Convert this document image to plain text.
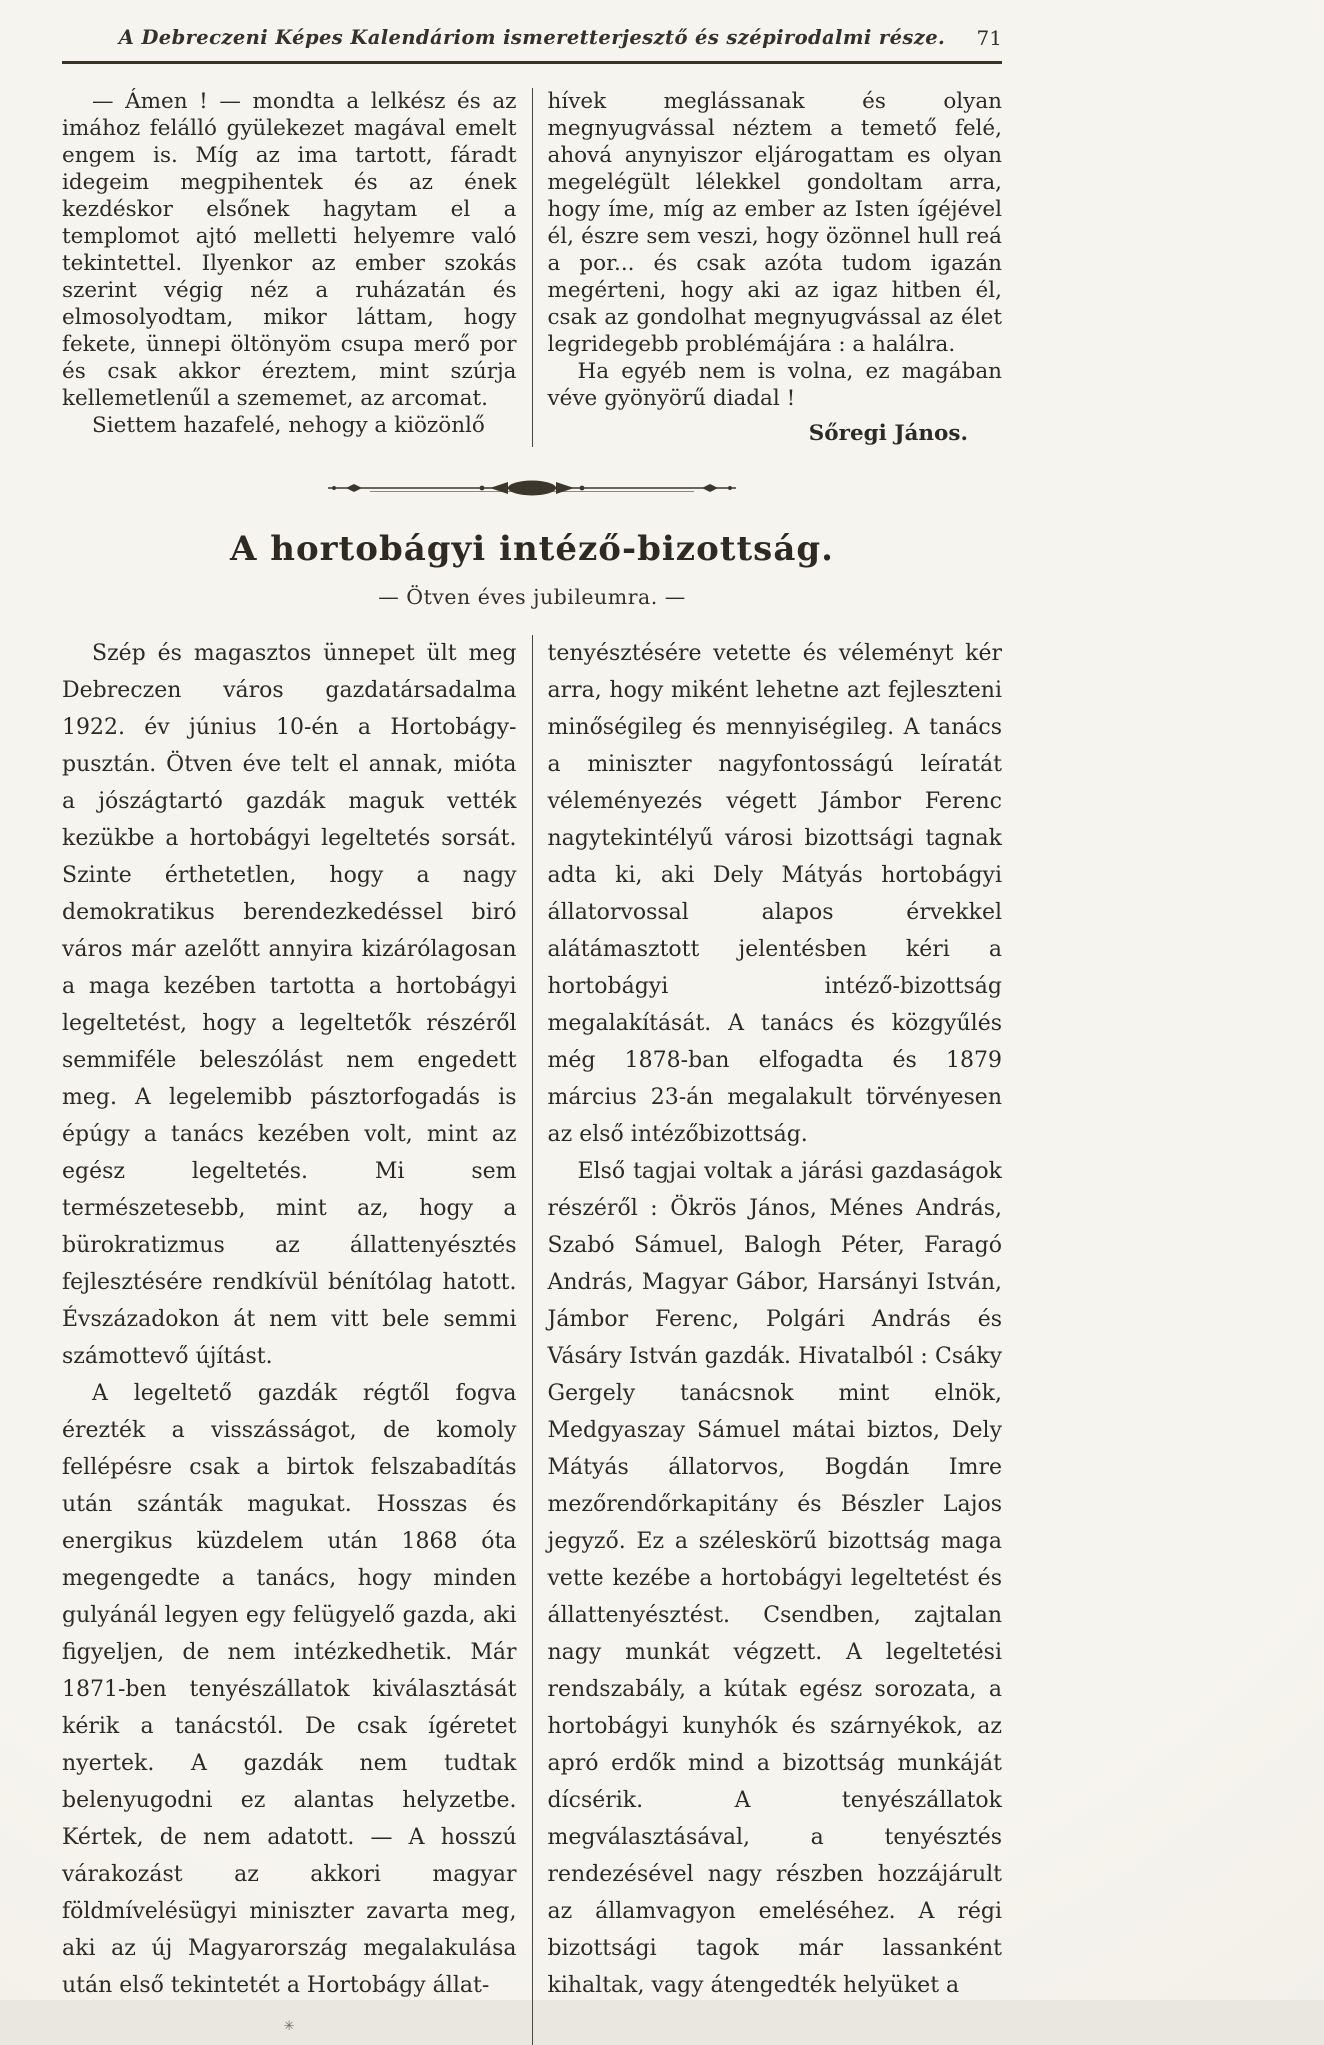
A Debreczeni Képes Kalendáriom ismeretterjesztő és szépirodalmi része.	71

— Ámen ! — mondta a lelkész és az imához felálló gyülekezet magával emelt engem is. Míg az ima tartott, fáradt idegeim megpihentek és az ének kezdéskor elsőnek hagytam el a templomot ajtó melletti helyemre való tekintettel. Ilyenkor az ember szokás szerint végig néz a ruházatán és elmosolyodtam, mikor láttam, hogy fekete, ünnepi öltönyöm csupa merő por és csak akkor éreztem, mint szúrja kellemetlenűl a szememet, az arcomat.

Siettem hazafelé, nehogy a kiözönlő

hívek meglássanak és olyan megnyugvással néztem a temető felé, ahová anynyiszor eljárogattam es olyan megelégült lélekkel gondoltam arra, hogy íme, míg az ember az Isten ígéjével él, észre sem veszi, hogy özönnel hull reá a por... és csak azóta tudom igazán megérteni, hogy aki az igaz hitben él, csak az gondolhat megnyugvással az élet legridegebb problémájára : a halálra.

Ha egyéb nem is volna, ez magában véve gyönyörű diadal !

Sőregi János.

A hortobágyi intéző-bizottság.
— Ötven éves jubileumra. —

Szép és magasztos ünnepet ült meg Debreczen város gazdatársadalma 1922. év június 10-én a Hortobágy-pusztán. Ötven éve telt el annak, mióta a jószágtartó gazdák maguk vették kezükbe a hortobágyi legeltetés sorsát. Szinte érthetetlen, hogy a nagy demokratikus berendezkedéssel biró város már azelőtt annyira kizárólagosan a maga kezében tartotta a hortobágyi legeltetést, hogy a legeltetők részéről semmiféle beleszólást nem engedett meg. A legelemibb pásztorfogadás is épúgy a tanács kezében volt, mint az egész legeltetés. Mi sem természetesebb, mint az, hogy a bürokratizmus az állattenyésztés fejlesztésére rendkívül bénítólag hatott. Évszázadokon át nem vitt bele semmi számottevő újítást.

A legeltető gazdák régtől fogva érezték a visszásságot, de komoly fellépésre csak a birtok felszabadítás után szánták magukat. Hosszas és energikus küzdelem után 1868 óta megengedte a tanács, hogy minden gulyánál legyen egy felügyelő gazda, aki figyeljen, de nem intézkedhetik. Már 1871-ben tenyészállatok kiválasztását kérik a tanácstól. De csak ígéretet nyertek. A gazdák nem tudtak belenyugodni ez alantas helyzetbe. Kértek, de nem adatott. — A hosszú várakozást az akkori magyar földmívelésügyi miniszter zavarta meg, aki az új Magyarország megalakulása után első tekintetét a Hortobágy állat-

✳

tenyésztésére vetette és véleményt kér arra, hogy miként lehetne azt fejleszteni minőségileg és mennyiségileg. A tanács a miniszter nagyfontosságú leíratát véleményezés végett Jámbor Ferenc nagytekintélyű városi bizottsági tagnak adta ki, aki Dely Mátyás hortobágyi állatorvossal alapos érvekkel alátámasztott jelentésben kéri a hortobágyi intéző-bizottság megalakítását. A tanács és közgyűlés még 1878-ban elfogadta és 1879 március 23-án megalakult törvényesen az első intézőbizottság.

Első tagjai voltak a járási gazdaságok részéről : Ökrös János, Ménes András, Szabó Sámuel, Balogh Péter, Faragó András, Magyar Gábor, Harsányi István, Jámbor Ferenc, Polgári András és Vásáry István gazdák. Hivatalból : Csáky Gergely tanácsnok mint elnök, Medgyaszay Sámuel mátai biztos, Dely Mátyás állatorvos, Bogdán Imre mezőrendőrkapitány és Bészler Lajos jegyző. Ez a széleskörű bizottság maga vette kezébe a hortobágyi legeltetést és állattenyésztést. Csendben, zajtalan nagy munkát végzett. A legeltetési rendszabály, a kútak egész sorozata, a hortobágyi kunyhók és szárnyékok, az apró erdők mind a bizottság munkáját dícsérik. A tenyészállatok megválasztásával, a tenyésztés rendezésével nagy részben hozzájárult az államvagyon emeléséhez. A régi bizottsági tagok már lassanként kihaltak, vagy átengedték helyüket a
